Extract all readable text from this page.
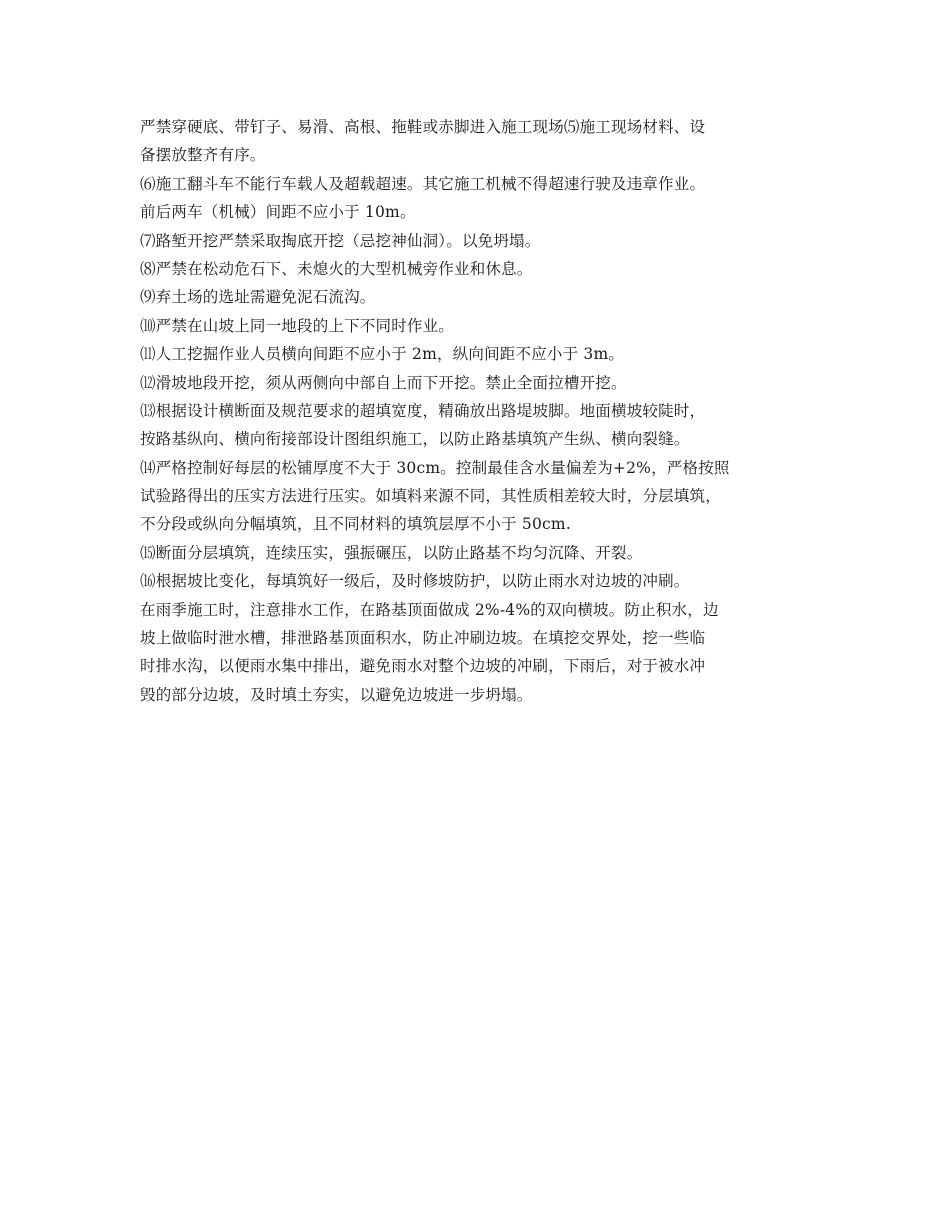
严禁穿硬底、带钉子、易滑、高根、拖鞋或赤脚进入施工现场⑸施工现场材料、设
备摆放整齐有序。
⑹施工翻斗车不能行车载人及超载超速。其它施工机械不得超速行驶及违章作业。
前后两车（机械）间距不应小于 10m。
⑺路堑开挖严禁采取掏底开挖（忌挖神仙洞）。以免坍塌。
⑻严禁在松动危石下、未熄火的大型机械旁作业和休息。
⑼弃土场的选址需避免泥石流沟。
⑽严禁在山坡上同一地段的上下不同时作业。
⑾人工挖掘作业人员横向间距不应小于 2m，纵向间距不应小于 3m。
⑿滑坡地段开挖，须从两侧向中部自上而下开挖。禁止全面拉槽开挖。
⒀根据设计横断面及规范要求的超填宽度，精确放出路堤坡脚。地面横坡较陡时，
按路基纵向、横向衔接部设计图组织施工，以防止路基填筑产生纵、横向裂缝。
⒁严格控制好每层的松铺厚度不大于 30cm。控制最佳含水量偏差为+2%，严格按照
试验路得出的压实方法进行压实。如填料来源不同，其性质相差较大时，分层填筑，
不分段或纵向分幅填筑，且不同材料的填筑层厚不小于 50cm.
⒂断面分层填筑，连续压实，强振碾压，以防止路基不均匀沉降、开裂。
⒃根据坡比变化，每填筑好一级后，及时修坡防护，以防止雨水对边坡的冲刷。
在雨季施工时，注意排水工作，在路基顶面做成 2%-4%的双向横坡。防止积水，边
坡上做临时泄水槽，排泄路基顶面积水，防止冲刷边坡。在填挖交界处，挖一些临
时排水沟，以便雨水集中排出，避免雨水对整个边坡的冲刷，下雨后，对于被水冲
毁的部分边坡，及时填土夯实，以避免边坡进一步坍塌。
